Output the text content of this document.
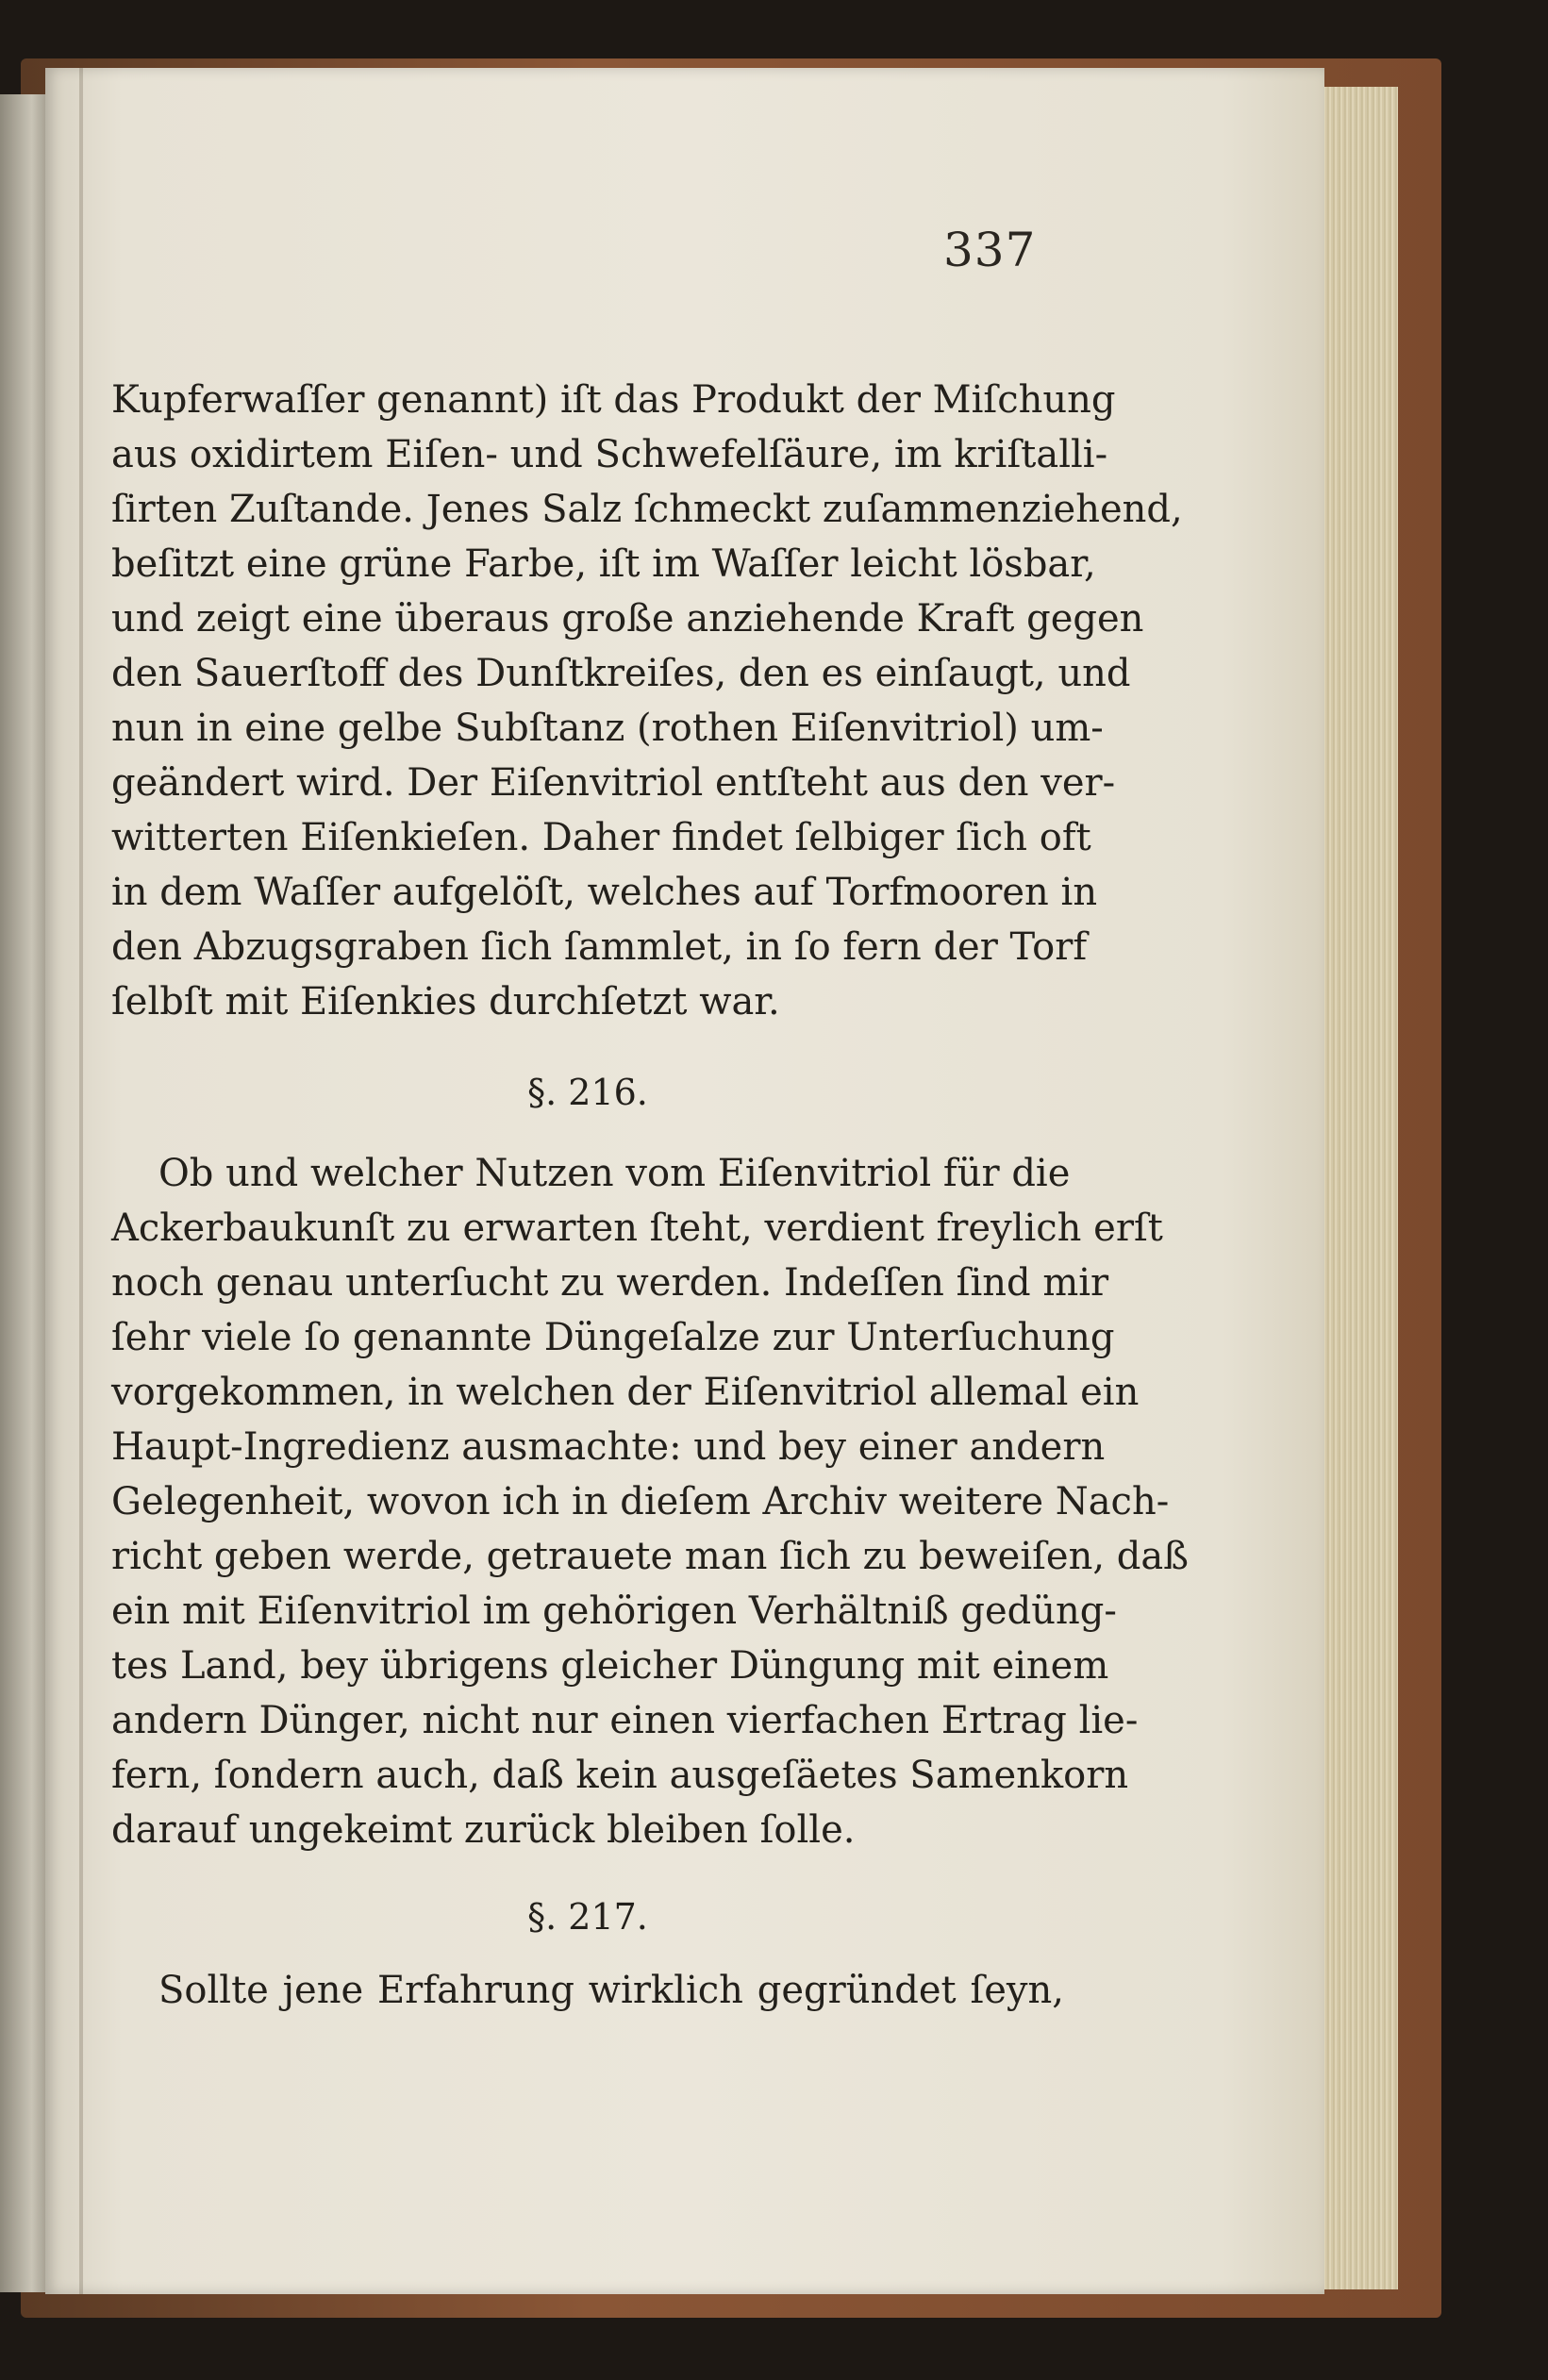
337
Kupferwaſſer genannt) iſt das Produkt der Miſchung
aus oxidirtem Eiſen- und Schwefelſäure, im kriſtalli-
ſirten Zuſtande. Jenes Salz ſchmeckt zuſammenziehend,
beſitzt eine grüne Farbe, iſt im Waſſer leicht lösbar,
und zeigt eine überaus große anziehende Kraft gegen
den Sauerſtoff des Dunſtkreiſes, den es einſaugt, und
nun in eine gelbe Subſtanz (rothen Eiſenvitriol) um-
geändert wird. Der Eiſenvitriol entſteht aus den ver-
witterten Eiſenkieſen. Daher findet ſelbiger ſich oft
in dem Waſſer aufgelöſt, welches auf Torfmooren in
den Abzugsgraben ſich ſammlet, in ſo fern der Torf
ſelbſt mit Eiſenkies durchſetzt war.
§. 216.
Ob und welcher Nutzen vom Eiſenvitriol für die
Ackerbaukunſt zu erwarten ſteht, verdient freylich erſt
noch genau unterſucht zu werden. Indeſſen ſind mir
ſehr viele ſo genannte Düngeſalze zur Unterſuchung
vorgekommen, in welchen der Eiſenvitriol allemal ein
Haupt-Ingredienz ausmachte: und bey einer andern
Gelegenheit, wovon ich in dieſem Archiv weitere Nach-
richt geben werde, getrauete man ſich zu beweiſen, daß
ein mit Eiſenvitriol im gehörigen Verhältniß gedüng-
tes Land, bey übrigens gleicher Düngung mit einem
andern Dünger, nicht nur einen vierfachen Ertrag lie-
fern, ſondern auch, daß kein ausgeſäetes Samenkorn
darauf ungekeimt zurück bleiben ſolle.
§. 217.
Sollte jene Erfahrung wirklich gegründet ſeyn,
